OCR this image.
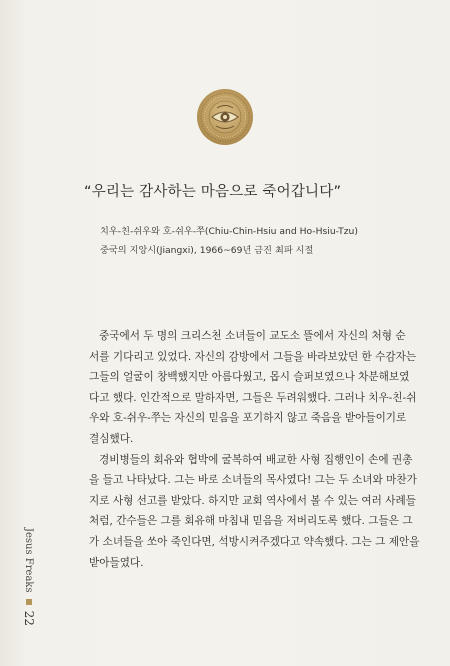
“우리는 감사하는 마음으로 죽어갑니다”
치우-친-쉬우와 호-쉬우-쭈(Chiu-Chin-Hsiu and Ho-Hsiu-Tzu)
중국의 지앙시(Jiangxi), 1966~69년 금진 최파 시절
중국에서 두 명의 크리스천 소녀들이 교도소 뜰에서 자신의 처형 순
서를 기다리고 있었다. 자신의 감방에서 그들을 바라보았던 한 수감자는
그들의 얼굴이 창백했지만 아름다웠고, 몹시 슬퍼보였으나 차분해보였
다고 했다. 인간적으로 말하자면, 그들은 두려워했다. 그러나 치우-친-쉬
우와 호-쉬우-쭈는 자신의 믿음을 포기하지 않고 죽음을 받아들이기로
결심했다.
경비병들의 회유와 협박에 굴복하여 배교한 사형 집행인이 손에 권총
을 들고 나타났다. 그는 바로 소녀들의 목사였다! 그는 두 소녀와 마찬가
지로 사형 선고를 받았다. 하지만 교회 역사에서 볼 수 있는 여러 사례들
처럼, 간수들은 그를 회유해 마침내 믿음을 저버리도록 했다. 그들은 그
가 소녀들을 쏘아 죽인다면, 석방시켜주겠다고 약속했다. 그는 그 제안을
받아들였다.
Jesus Freaks
22
